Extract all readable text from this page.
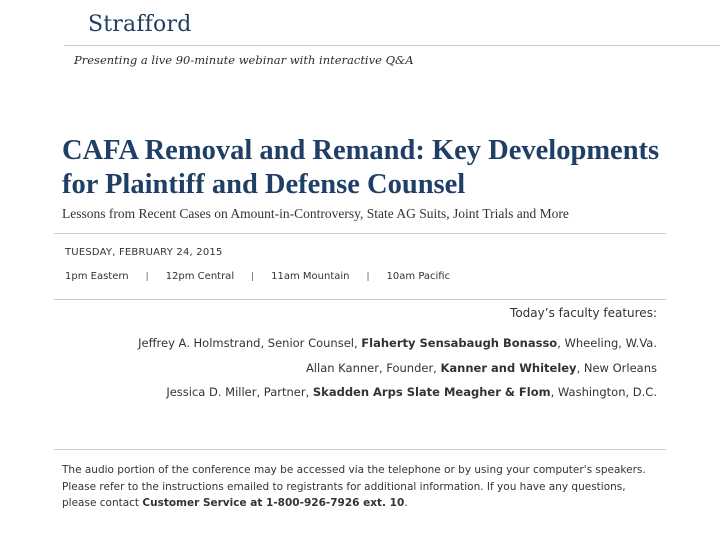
Strafford
Presenting a live 90-minute webinar with interactive Q&A
CAFA Removal and Remand: Key Developments
for Plaintiff and Defense Counsel
Lessons from Recent Cases on Amount-in-Controversy, State AG Suits, Joint Trials and More
TUESDAY, FEBRUARY 24, 2015
1pm Eastern | 12pm Central | 11am Mountain | 10am Pacific
Today’s faculty features:
Jeffrey A. Holmstrand, Senior Counsel, Flaherty Sensabaugh Bonasso, Wheeling, W.Va.
Allan Kanner, Founder, Kanner and Whiteley, New Orleans
Jessica D. Miller, Partner, Skadden Arps Slate Meagher & Flom, Washington, D.C.
The audio portion of the conference may be accessed via the telephone or by using your computer's speakers. Please refer to the instructions emailed to registrants for additional information. If you have any questions, please contact Customer Service at 1-800-926-7926 ext. 10.
